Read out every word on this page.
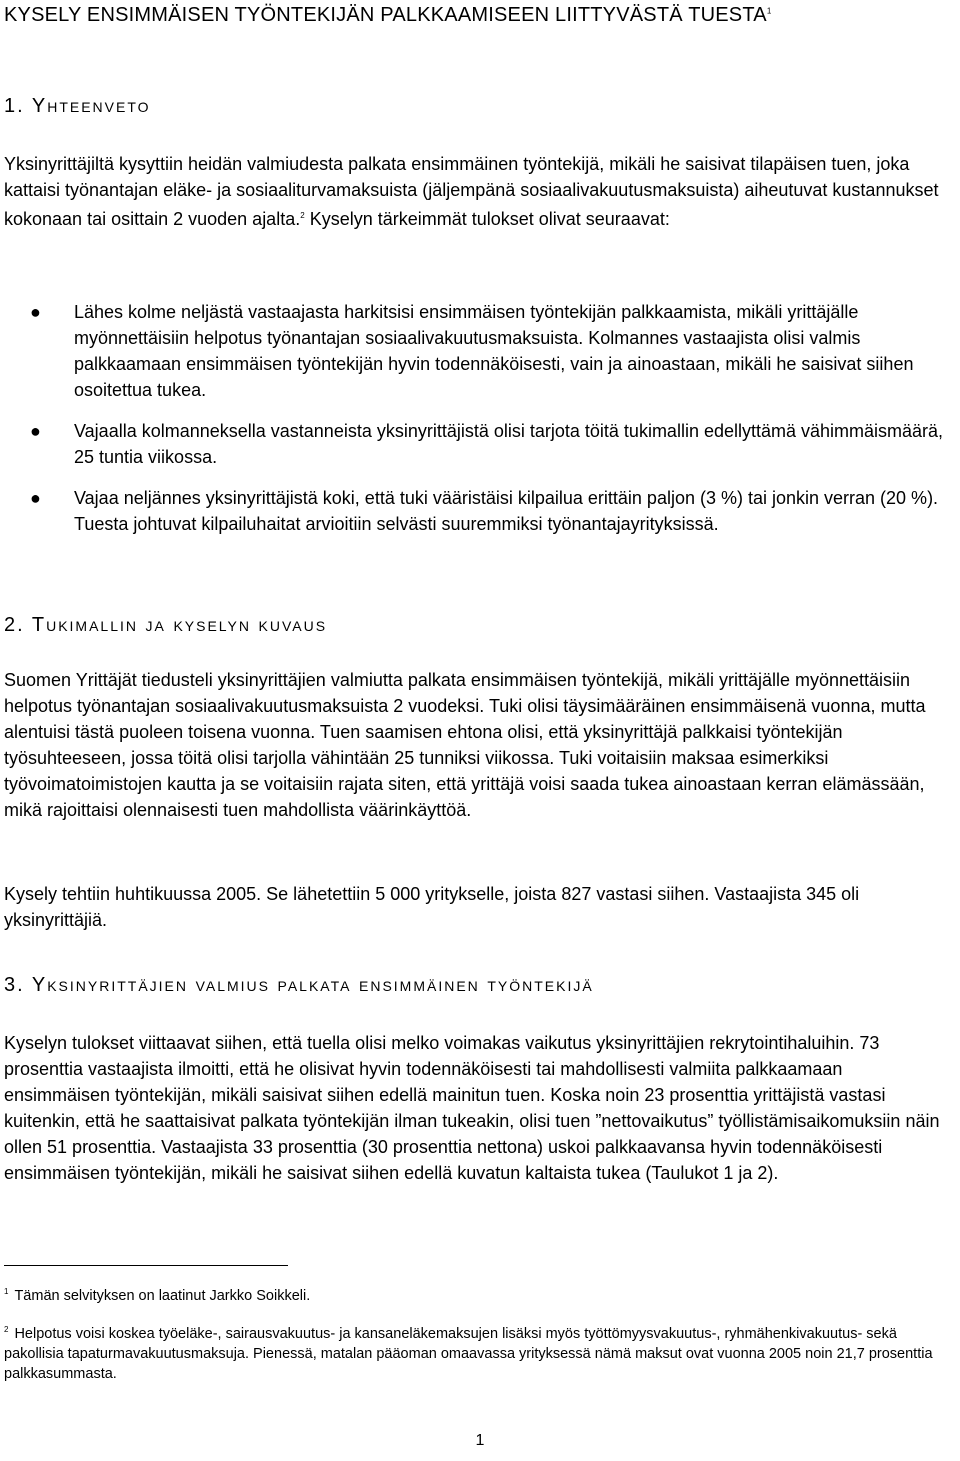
KYSELY ENSIMMÄISEN TYÖNTEKIJÄN PALKKAAMISEEN LIITTYVÄSTÄ TUESTA$^1$
1. Yhteenveto
Yksinyrittäjiltä kysyttiin heidän valmiudesta palkata ensimmäinen työntekijä, mikäli he saisivat tilapäisen tuen, joka kattaisi työnantajan eläke- ja sosiaaliturvamaksuista (jäljempänä sosiaalivakuutusmaksuista) aiheutuvat kustannukset kokonaan tai osittain 2 vuoden ajalta.$^2$ Kyselyn tärkeimmät tulokset olivat seuraavat:
● Lähes kolme neljästä vastaajasta harkitsisi ensimmäisen työntekijän palkkaamista, mikäli yrittäjälle myönnettäisiin helpotus työnantajan sosiaalivakuutusmaksuista. Kolmannes vastaajista olisi valmis palkkaamaan ensimmäisen työntekijän hyvin todennäköisesti, vain ja ainoastaan, mikäli he saisivat siihen osoitettua tukea.
● Vajaalla kolmanneksella vastanneista yksinyrittäjistä olisi tarjota töitä tukimallin edellyttämä vähimmäismäärä, 25 tuntia viikossa.
● Vajaa neljännes yksinyrittäjistä koki, että tuki vääristäisi kilpailua erittäin paljon (3 %) tai jonkin verran (20 %). Tuesta johtuvat kilpailuhaitat arvioitiin selvästi suuremmiksi työnantajayrityksissä.
2. Tukimallin ja kyselyn kuvaus
Suomen Yrittäjät tiedusteli yksinyrittäjien valmiutta palkata ensimmäisen työntekijä, mikäli yrittäjälle myönnettäisiin helpotus työnantajan sosiaalivakuutusmaksuista 2 vuodeksi. Tuki olisi täysimääräinen ensimmäisenä vuonna, mutta alentuisi tästä puoleen toisena vuonna. Tuen saamisen ehtona olisi, että yksinyrittäjä palkkaisi työntekijän työsuhteeseen, jossa töitä olisi tarjolla vähintään 25 tunniksi viikossa. Tuki voitaisiin maksaa esimerkiksi työvoimatoimistojen kautta ja se voitaisiin rajata siten, että yrittäjä voisi saada tukea ainoastaan kerran elämässään, mikä rajoittaisi olennaisesti tuen mahdollista väärinkäyttöä.
Kysely tehtiin huhtikuussa 2005. Se lähetettiin 5 000 yritykselle, joista 827 vastasi siihen. Vastaajista 345 oli yksinyrittäjiä.
3. Yksinyrittäjien valmius palkata ensimmäinen työntekijä
Kyselyn tulokset viittaavat siihen, että tuella olisi melko voimakas vaikutus yksinyrittäjien rekrytointihaluihin. 73 prosenttia vastaajista ilmoitti, että he olisivat hyvin todennäköisesti tai mahdollisesti valmiita palkkaamaan ensimmäisen työntekijän, mikäli saisivat siihen edellä mainitun tuen. Koska noin 23 prosenttia yrittäjistä vastasi kuitenkin, että he saattaisivat palkata työntekijän ilman tukeakin, olisi tuen ”nettovaikutus” työllistämisaikomuksiin näin ollen 51 prosenttia. Vastaajista 33 prosenttia (30 prosenttia nettona) uskoi palkkaavansa hyvin todennäköisesti ensimmäisen työntekijän, mikäli he saisivat siihen edellä kuvatun kaltaista tukea (Taulukot 1 ja 2).
$^1$ Tämän selvityksen on laatinut Jarkko Soikkeli.
$^2$ Helpotus voisi koskea työeläke-, sairausvakuutus- ja kansaneläkemaksujen lisäksi myös työttömyysvakuutus-, ryhmähenkivakuutus- sekä pakollisia tapaturmavakuutusmaksuja. Pienessä, matalan pääoman omaavassa yrityksessä nämä maksut ovat vuonna 2005 noin 21,7 prosenttia palkkasummasta.
1
